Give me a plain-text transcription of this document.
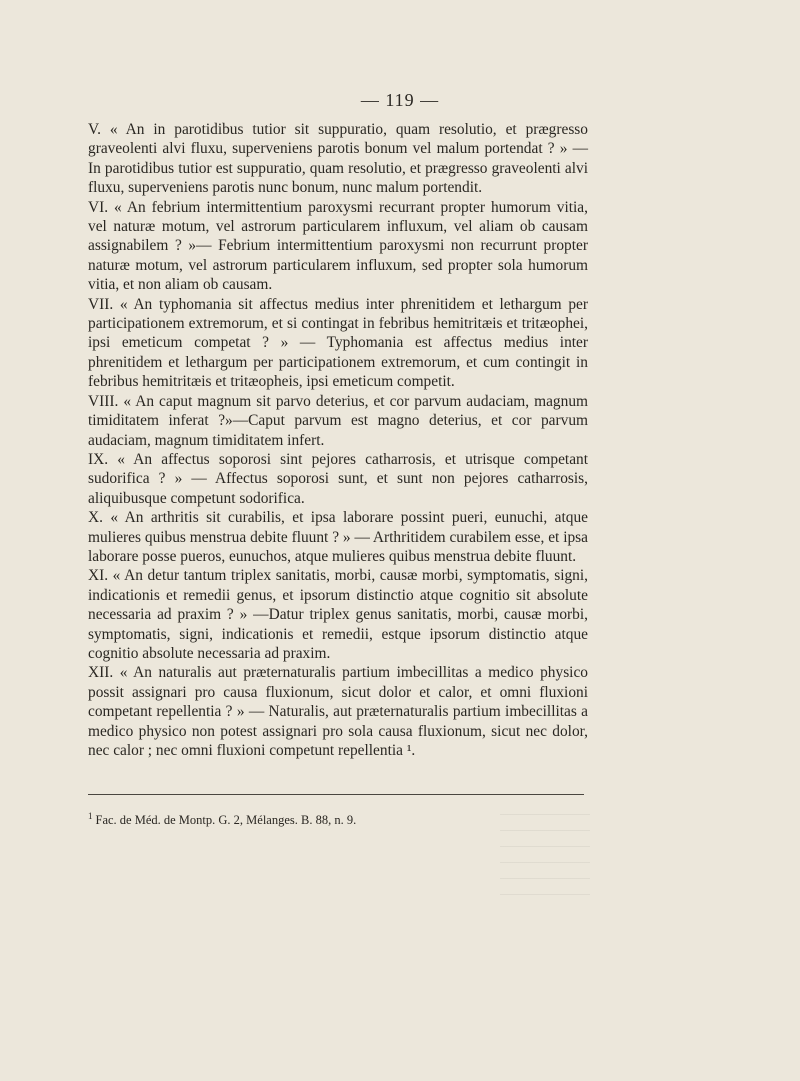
— 119 —

V. « An in parotidibus tutior sit suppuratio, quam resolutio, et prægresso graveolenti alvi fluxu, superveniens parotis bonum vel malum portendat ? » — In parotidibus tutior est suppuratio, quam resolutio, et prægresso graveolenti alvi fluxu, superveniens parotis nunc bonum, nunc malum portendit.

VI. « An febrium intermittentium paroxysmi recurrant propter humorum vitia, vel naturæ motum, vel astrorum particularem influxum, vel aliam ob causam assignabilem ? »— Febrium intermittentium paroxysmi non recurrunt propter naturæ motum, vel astrorum particularem influxum, sed propter sola humorum vitia, et non aliam ob causam.

VII. « An typhomania sit affectus medius inter phrenitidem et lethargum per participationem extremorum, et si contingat in febribus hemitritæis et tritæophei, ipsi emeticum competat ? » — Typhomania est affectus medius inter phrenitidem et lethargum per participationem extremorum, et cum contingit in febribus hemitritæis et tritæopheis, ipsi emeticum competit.

VIII. « An caput magnum sit parvo deterius, et cor parvum audaciam, magnum timiditatem inferat ?»—Caput parvum est magno deterius, et cor parvum audaciam, magnum timiditatem infert.

IX. « An affectus soporosi sint pejores catharrosis, et utrisque competant sudorifica ? » — Affectus soporosi sunt, et sunt non pejores catharrosis, aliquibusque competunt sodorifica.

X. « An arthritis sit curabilis, et ipsa laborare possint pueri, eunuchi, atque mulieres quibus menstrua debite fluunt ? » — Arthritidem curabilem esse, et ipsa laborare posse pueros, eunuchos, atque mulieres quibus menstrua debite fluunt.

XI. « An detur tantum triplex sanitatis, morbi, causæ morbi, symptomatis, signi, indicationis et remedii genus, et ipsorum distinctio atque cognitio sit absolute necessaria ad praxim ? » —Datur triplex genus sanitatis, morbi, causæ morbi, symptomatis, signi, indicationis et remedii, estque ipsorum distinctio atque cognitio absolute necessaria ad praxim.

XII. « An naturalis aut præternaturalis partium imbecillitas a medico physico possit assignari pro causa fluxionum, sicut dolor et calor, et omni fluxioni competant repellentia ? » — Naturalis, aut præternaturalis partium imbecillitas a medico physico non potest assignari pro sola causa fluxionum, sicut nec dolor, nec calor ; nec omni fluxioni competunt repellentia ¹.

$^1$ Fac. de Méd. de Montp. G. 2, Mélanges. B. 88, n. 9.
